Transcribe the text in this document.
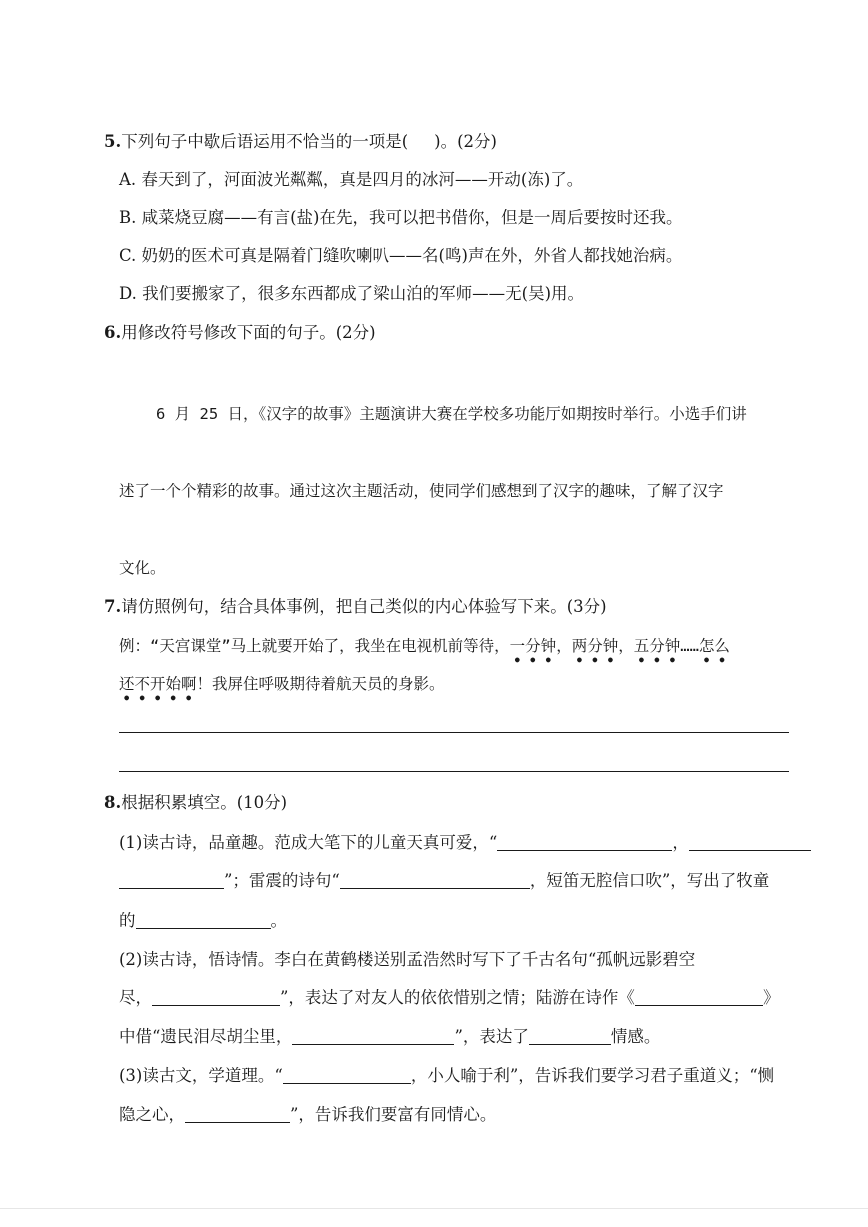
5.下列句子中歇后语运用不恰当的一项是( )。(2分)
A. 春天到了，河面波光粼粼，真是四月的冰河——开动(冻)了。
B. 咸菜烧豆腐——有言(盐)在先，我可以把书借你，但是一周后要按时还我。
C. 奶奶的医术可真是隔着门缝吹喇叭——名(鸣)声在外，外省人都找她治病。
D. 我们要搬家了，很多东西都成了梁山泊的军师——无(吴)用。
6.用修改符号修改下面的句子。(2分)
6 月 25 日，《汉字的故事》主题演讲大赛在学校多功能厅如期按时举行。小选手们讲
述了一个个精彩的故事。通过这次主题活动，使同学们感想到了汉字的趣味，了解了汉字
文化。
7.请仿照例句，结合具体事例，把自己类似的内心体验写下来。(3分)
例：“天宫课堂”马上就要开始了，我坐在电视机前等待，一分钟，两分钟，五分钟……怎么
还不开始啊！我屏住呼吸期待着航天员的身影。
8.根据积累填空。(10分)
(1)读古诗，品童趣。范成大笔下的儿童天真可爱，“	，
”；雷震的诗句“	，短笛无腔信口吹”，写出了牧童
的	。
(2)读古诗，悟诗情。李白在黄鹤楼送别孟浩然时写下了千古名句“孤帆远影碧空
尽，	”，表达了对友人的依依惜别之情；陆游在诗作《	》
中借“遗民泪尽胡尘里，	”，表达了	情感。
(3)读古文，学道理。“	，小人喻于利”，告诉我们要学习君子重道义；“恻
隐之心，	”，告诉我们要富有同情心。
